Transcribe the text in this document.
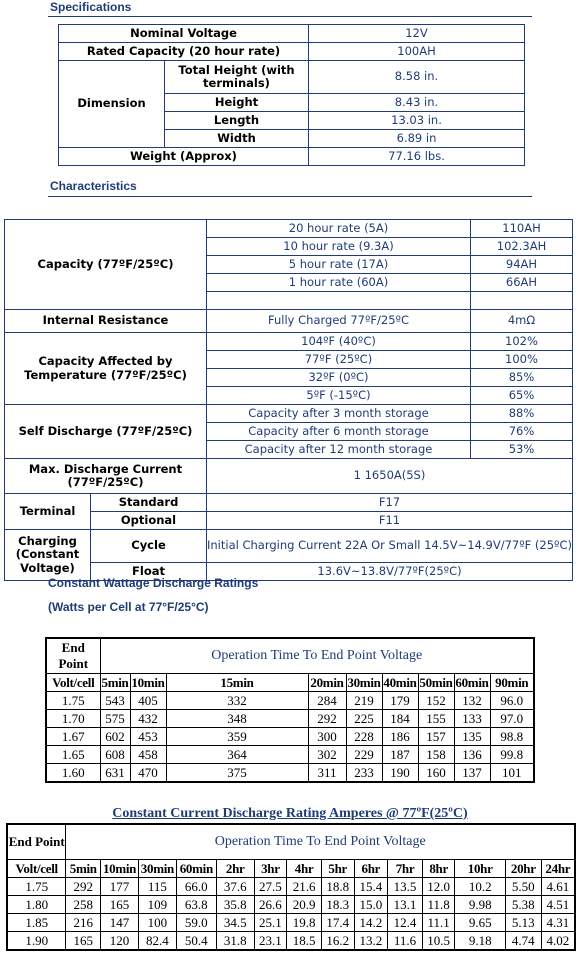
Specifications
Nominal Voltage		12V
Rated Capacity (20 hour rate)		100AH
Dimension	Total Height (with terminals)	8.58 in.
	Height	8.43 in.
	Length	13.03 in.
	Width	6.89 in
Weight (Approx)		77.16 lbs.
Characteristics
Capacity (77ºF/25ºC)		20 hour rate (5A)	110AH
		10 hour rate (9.3A)	102.3AH
		5 hour rate (17A)	94AH
		1 hour rate (60A)	66AH

Internal Resistance		Fully Charged 77ºF/25ºC	4mΩ
Capacity Affected by Temperature (77ºF/25ºC)		104ºF (40ºC)	102%
		77ºF (25ºC)	100%
		32ºF (0ºC)	85%
		5ºF (-15ºC)	65%
Self Discharge (77ºF/25ºC)		Capacity after 3 month storage	88%
		Capacity after 6 month storage	76%
		Capacity after 12 month storage	53%
Max. Discharge Current (77ºF/25ºC)		1 1650A(5S)	
Terminal	Standard	F17	
	Optional	F11	
Charging (Constant Voltage)	Cycle	Initial Charging Current 22A Or Small 14.5V~14.9V/77ºF (25ºC)	
	Float	13.6V~13.8V/77ºF(25ºC)	
Constant Wattage Discharge Ratings
(Watts per Cell at 77°F/25°C)
End Point	Operation Time To End Point Voltage								
Volt/cell	5min	10min	15min	20min	30min	40min	50min	60min	90min
1.75	543	405	332	284	219	179	152	132	96.0
1.70	575	432	348	292	225	184	155	133	97.0
1.67	602	453	359	300	228	186	157	135	98.8
1.65	608	458	364	302	229	187	158	136	99.8
1.60	631	470	375	311	233	190	160	137	101
Constant Current Discharge Rating Amperes @ 77ºF(25ºC)
End Point	Operation Time To End Point Voltage													
Volt/cell	5min	10min	30min	60min	2hr	3hr	4hr	5hr	6hr	7hr	8hr	10hr	20hr	24hr
1.75	292	177	115	66.0	37.6	27.5	21.6	18.8	15.4	13.5	12.0	10.2	5.50	4.61
1.80	258	165	109	63.8	35.8	26.6	20.9	18.3	15.0	13.1	11.8	9.98	5.38	4.51
1.85	216	147	100	59.0	34.5	25.1	19.8	17.4	14.2	12.4	11.1	9.65	5.13	4.31
1.90	165	120	82.4	50.4	31.8	23.1	18.5	16.2	13.2	11.6	10.5	9.18	4.74	4.02
